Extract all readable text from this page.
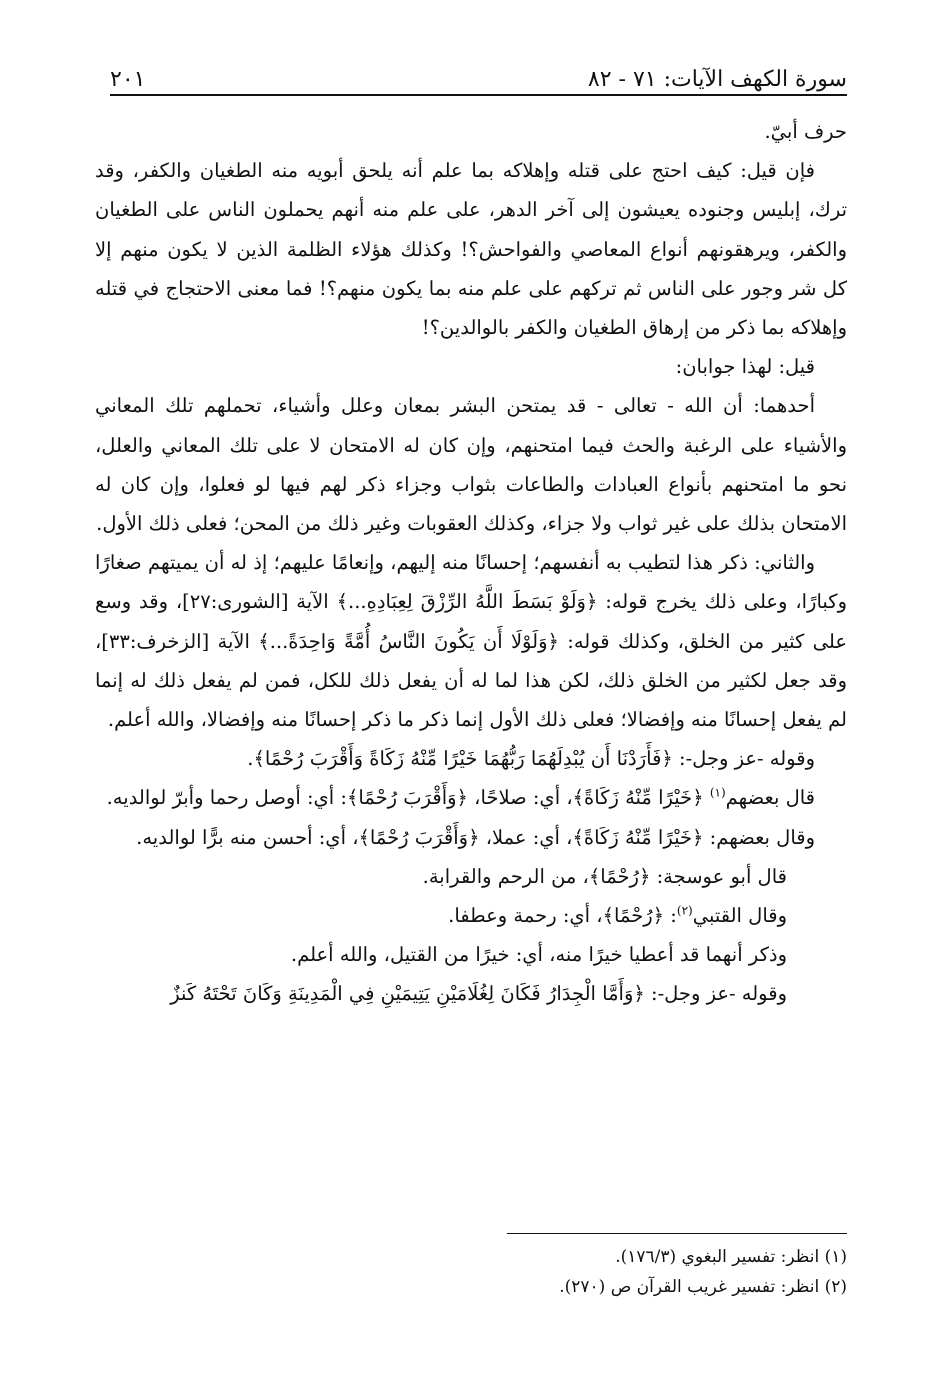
سورة الكهف الآيات: ٧١ - ٨٢
٢٠١

حرف أبيّ.

فإن قيل: كيف احتج على قتله وإهلاكه بما علم أنه يلحق أبويه منه الطغيان والكفر، وقد ترك، إبليس وجنوده يعيشون إلى آخر الدهر، على علم منه أنهم يحملون الناس على الطغيان والكفر، ويرهقونهم أنواع المعاصي والفواحش؟! وكذلك هؤلاء الظلمة الذين لا يكون منهم إلا كل شر وجور على الناس ثم تركهم على علم منه بما يكون منهم؟! فما معنى الاحتجاج في قتله وإهلاكه بما ذكر من إرهاق الطغيان والكفر بالوالدين؟!

قيل: لهذا جوابان:

أحدهما: أن الله - تعالى - قد يمتحن البشر بمعان وعلل وأشياء، تحملهم تلك المعاني والأشياء على الرغبة والحث فيما امتحنهم، وإن كان له الامتحان لا على تلك المعاني والعلل، نحو ما امتحنهم بأنواع العبادات والطاعات بثواب وجزاء ذكر لهم فيها لو فعلوا، وإن كان له الامتحان بذلك على غير ثواب ولا جزاء، وكذلك العقوبات وغير ذلك من المحن؛ فعلى ذلك الأول.

والثاني: ذكر هذا لتطيب به أنفسهم؛ إحسانًا منه إليهم، وإنعامًا عليهم؛ إذ له أن يميتهم صغارًا وكبارًا، وعلى ذلك يخرج قوله: ﴿وَلَوْ بَسَطَ اللَّهُ الرِّزْقَ لِعِبَادِهِ...﴾ الآية [الشورى:٢٧]، وقد وسع على كثير من الخلق، وكذلك قوله: ﴿وَلَوْلَا أَن يَكُونَ النَّاسُ أُمَّةً وَاحِدَةً...﴾ الآية [الزخرف:٣٣]، وقد جعل لكثير من الخلق ذلك، لكن هذا لما له أن يفعل ذلك للكل، فمن لم يفعل ذلك له إنما لم يفعل إحسانًا منه وإفضالا؛ فعلى ذلك الأول إنما ذكر ما ذكر إحسانًا منه وإفضالا، والله أعلم.

وقوله -عز وجل-: ﴿فَأَرَدْنَا أَن يُبْدِلَهُمَا رَبُّهُمَا خَيْرًا مِّنْهُ زَكَاةً وَأَقْرَبَ رُحْمًا﴾.

قال بعضهم$^{(١)}$ ﴿خَيْرًا مِّنْهُ زَكَاةً﴾، أي: صلاحًا، ﴿وَأَقْرَبَ رُحْمًا﴾: أي: أوصل رحما وأبرّ لوالديه.

وقال بعضهم: ﴿خَيْرًا مِّنْهُ زَكَاةً﴾، أي: عملا، ﴿وَأَقْرَبَ رُحْمًا﴾، أي: أحسن منه برًّا لوالديه.

قال أبو عوسجة: ﴿رُحْمًا﴾، من الرحم والقرابة.

وقال القتبي$^{(٢)}$: ﴿رُحْمًا﴾، أي: رحمة وعطفا.

وذكر أنهما قد أعطيا خيرًا منه، أي: خيرًا من القتيل، والله أعلم.

وقوله -عز وجل-: ﴿وَأَمَّا الْجِدَارُ فَكَانَ لِغُلَامَيْنِ يَتِيمَيْنِ فِي الْمَدِينَةِ وَكَانَ تَحْتَهُ كَنزٌ

(١) انظر: تفسير البغوي (١٧٦/٣).

(٢) انظر: تفسير غريب القرآن ص (٢٧٠).
